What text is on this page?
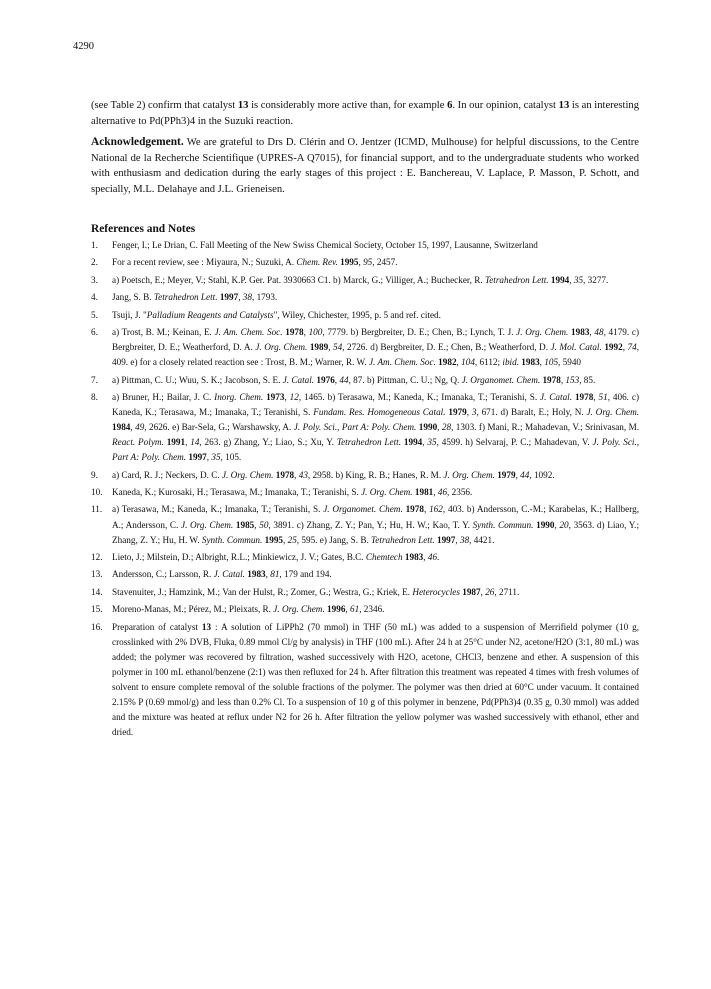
4290
(see Table 2) confirm that catalyst 13 is considerably more active than, for example 6. In our opinion, catalyst 13 is an interesting alternative to Pd(PPh3)4 in the Suzuki reaction.
Acknowledgement. We are grateful to Drs D. Clérin and O. Jentzer (ICMD, Mulhouse) for helpful discussions, to the Centre National de la Recherche Scientifique (UPRES-A Q7015), for financial support, and to the undergraduate students who worked with enthusiasm and dedication during the early stages of this project : E. Banchereau, V. Laplace, P. Masson, P. Schott, and specially, M.L. Delahaye and J.L. Grieneisen.
References and Notes
1.	Fenger, I.; Le Drian, C. Fall Meeting of the New Swiss Chemical Society, October 15, 1997, Lausanne, Switzerland
2.	For a recent review, see : Miyaura, N.; Suzuki, A. Chem. Rev. 1995, 95, 2457.
3.	a) Poetsch, E.; Meyer, V.; Stahl, K.P. Ger. Pat. 3930663 C1. b) Marck, G.; Villiger, A.; Buchecker, R. Tetrahedron Lett. 1994, 35, 3277.
4.	Jang, S. B. Tetrahedron Lett. 1997, 38, 1793.
5.	Tsuji, J. "Palladium Reagents and Catalysts", Wiley, Chichester, 1995, p. 5 and ref. cited.
6.	a) Trost, B. M.; Keinan, E. J. Am. Chem. Soc. 1978, 100, 7779. b) Bergbreiter, D. E.; Chen, B.; Lynch, T. J. J. Org. Chem. 1983, 48, 4179. c) Bergbreiter, D. E.; Weatherford, D. A. J. Org. Chem. 1989, 54, 2726. d) Bergbreiter, D. E.; Chen, B.; Weatherford, D. J. Mol. Catal. 1992, 74, 409. e) for a closely related reaction see : Trost, B. M.; Warner, R. W. J. Am. Chem. Soc. 1982, 104, 6112; ibid. 1983, 105, 5940
7.	a) Pittman, C. U.; Wuu, S. K.; Jacobson, S. E. J. Catal. 1976, 44, 87. b) Pittman, C. U.; Ng, Q. J. Organomet. Chem. 1978, 153, 85.
8.	a) Bruner, H.; Bailar, J. C. Inorg. Chem. 1973, 12, 1465. b) Terasawa, M.; Kaneda, K.; Imanaka, T.; Teranishi, S. J. Catal. 1978, 51, 406. c) Kaneda, K.; Terasawa, M.; Imanaka, T.; Teranishi, S. Fundam. Res. Homogeneous Catal. 1979, 3, 671. d) Baralt, E.; Holy, N. J. Org. Chem. 1984, 49, 2626. e) Bar-Sela, G.; Warshawsky, A. J. Poly. Sci., Part A: Poly. Chem. 1990, 28, 1303. f) Mani, R.; Mahadevan, V.; Srinivasan, M. React. Polym. 1991, 14, 263. g) Zhang, Y.; Liao, S.; Xu, Y. Tetrahedron Lett. 1994, 35, 4599. h) Selvaraj, P. C.; Mahadevan, V. J. Poly. Sci., Part A: Poly. Chem. 1997, 35, 105.
9.	a) Card, R. J.; Neckers, D. C. J. Org. Chem. 1978, 43, 2958. b) King, R. B.; Hanes, R. M. J. Org. Chem. 1979, 44, 1092.
10.	Kaneda, K.; Kurosaki, H.; Terasawa, M.; Imanaka, T.; Teranishi, S. J. Org. Chem. 1981, 46, 2356.
11.	a) Terasawa, M.; Kaneda, K.; Imanaka, T.; Teranishi, S. J. Organomet. Chem. 1978, 162, 403. b) Andersson, C.-M.; Karabelas, K.; Hallberg, A.; Andersson, C. J. Org. Chem. 1985, 50, 3891. c) Zhang, Z. Y.; Pan, Y.; Hu, H. W.; Kao, T. Y. Synth. Commun. 1990, 20, 3563. d) Liao, Y.; Zhang, Z. Y.; Hu, H. W. Synth. Commun. 1995, 25, 595. e) Jang, S. B. Tetrahedron Lett. 1997, 38, 4421.
12.	Lieto, J.; Milstein, D.; Albright, R.L.; Minkiewicz, J. V.; Gates, B.C. Chemtech 1983, 46.
13.	Andersson, C.; Larsson, R. J. Catal. 1983, 81, 179 and 194.
14.	Stavenuiter, J.; Hamzink, M.; Van der Hulst, R.; Zomer, G.; Westra, G.; Kriek, E. Heterocycles 1987, 26, 2711.
15.	Moreno-Manas, M.; Pérez, M.; Pleixats, R. J. Org. Chem. 1996, 61, 2346.
16.	Preparation of catalyst 13 : A solution of LiPPh2 (70 mmol) in THF (50 mL) was added to a suspension of Merrifield polymer (10 g, crosslinked with 2% DVB, Fluka, 0.89 mmol Cl/g by analysis) in THF (100 mL). After 24 h at 25°C under N2, acetone/H2O (3:1, 80 mL) was added; the polymer was recovered by filtration, washed successively with H2O, acetone, CHCl3, benzene and ether. A suspension of this polymer in 100 mL ethanol/benzene (2:1) was then refluxed for 24 h. After filtration this treatment was repeated 4 times with fresh volumes of solvent to ensure complete removal of the soluble fractions of the polymer. The polymer was then dried at 60°C under vacuum. It contained 2.15% P (0.69 mmol/g) and less than 0.2% Cl. To a suspension of 10 g of this polymer in benzene, Pd(PPh3)4 (0.35 g, 0.30 mmol) was added and the mixture was heated at reflux under N2 for 26 h. After filtration the yellow polymer was washed successively with ethanol, ether and dried.
